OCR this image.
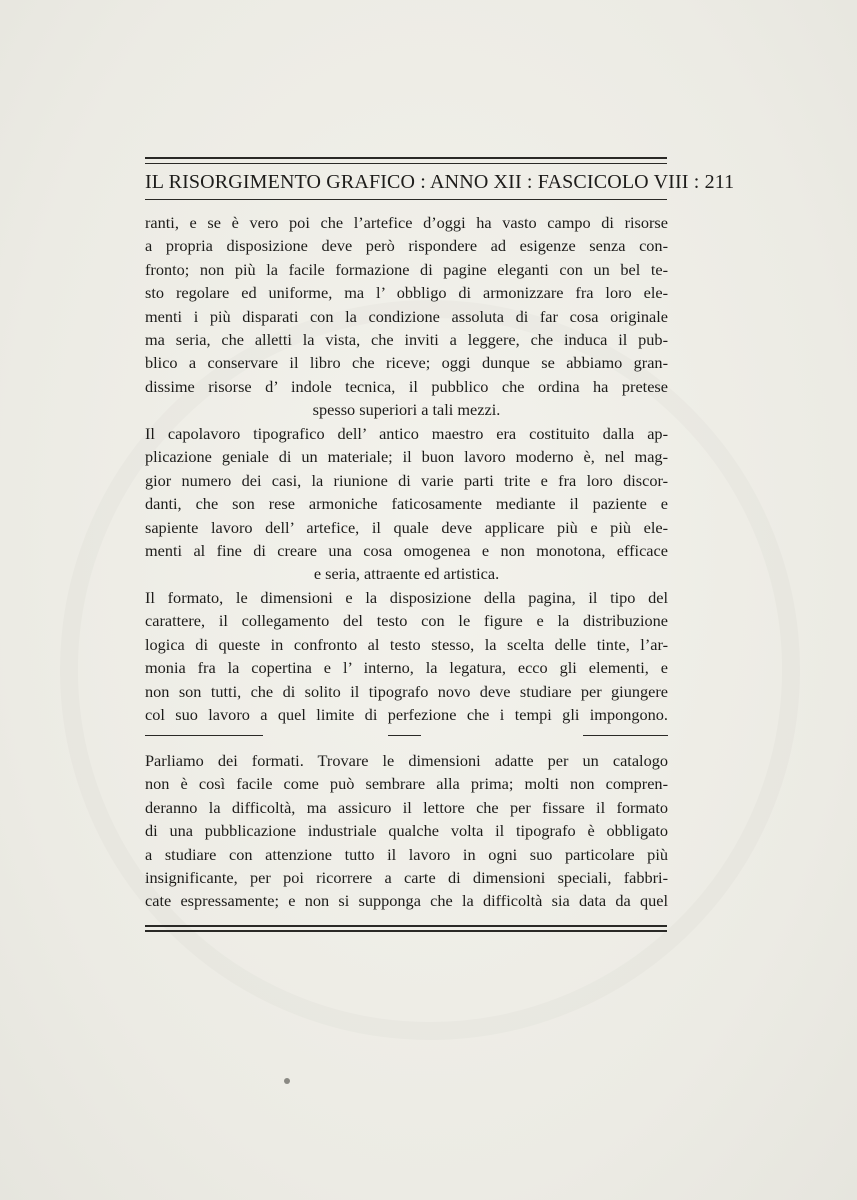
IL RISORGIMENTO GRAFICO : ANNO XII : FASCICOLO VIII : 211
ranti, e se è vero poi che l’artefice d’oggi ha vasto campo di risorse
a propria disposizione deve però rispondere ad esigenze senza con-
fronto; non più la facile formazione di pagine eleganti con un bel te-
sto regolare ed uniforme, ma l’ obbligo di armonizzare fra loro ele-
menti i più disparati con la condizione assoluta di far cosa originale
ma seria, che alletti la vista, che inviti a leggere, che induca il pub-
blico a conservare il libro che riceve; oggi dunque se abbiamo gran-
dissime risorse d’ indole tecnica, il pubblico che ordina ha pretese
spesso superiori a tali mezzi.
Il capolavoro tipografico dell’ antico maestro era costituito dalla ap-
plicazione geniale di un materiale; il buon lavoro moderno è, nel mag-
gior numero dei casi, la riunione di varie parti trite e fra loro discor-
danti, che son rese armoniche faticosamente mediante il paziente e
sapiente lavoro dell’ artefice, il quale deve applicare più e più ele-
menti al fine di creare una cosa omogenea e non monotona, efficace
e seria, attraente ed artistica.
Il formato, le dimensioni e la disposizione della pagina, il tipo del
carattere, il collegamento del testo con le figure e la distribuzione
logica di queste in confronto al testo stesso, la scelta delle tinte, l’ar-
monia fra la copertina e l’ interno, la legatura, ecco gli elementi, e
non son tutti, che di solito il tipografo novo deve studiare per giungere
col suo lavoro a quel limite di perfezione che i tempi gli impongono.
Parliamo dei formati. Trovare le dimensioni adatte per un catalogo
non è così facile come può sembrare alla prima; molti non compren-
deranno la difficoltà, ma assicuro il lettore che per fissare il formato
di una pubblicazione industriale qualche volta il tipografo è obbligato
a studiare con attenzione tutto il lavoro in ogni suo particolare più
insignificante, per poi ricorrere a carte di dimensioni speciali, fabbri-
cate espressamente; e non si supponga che la difficoltà sia data da quel
